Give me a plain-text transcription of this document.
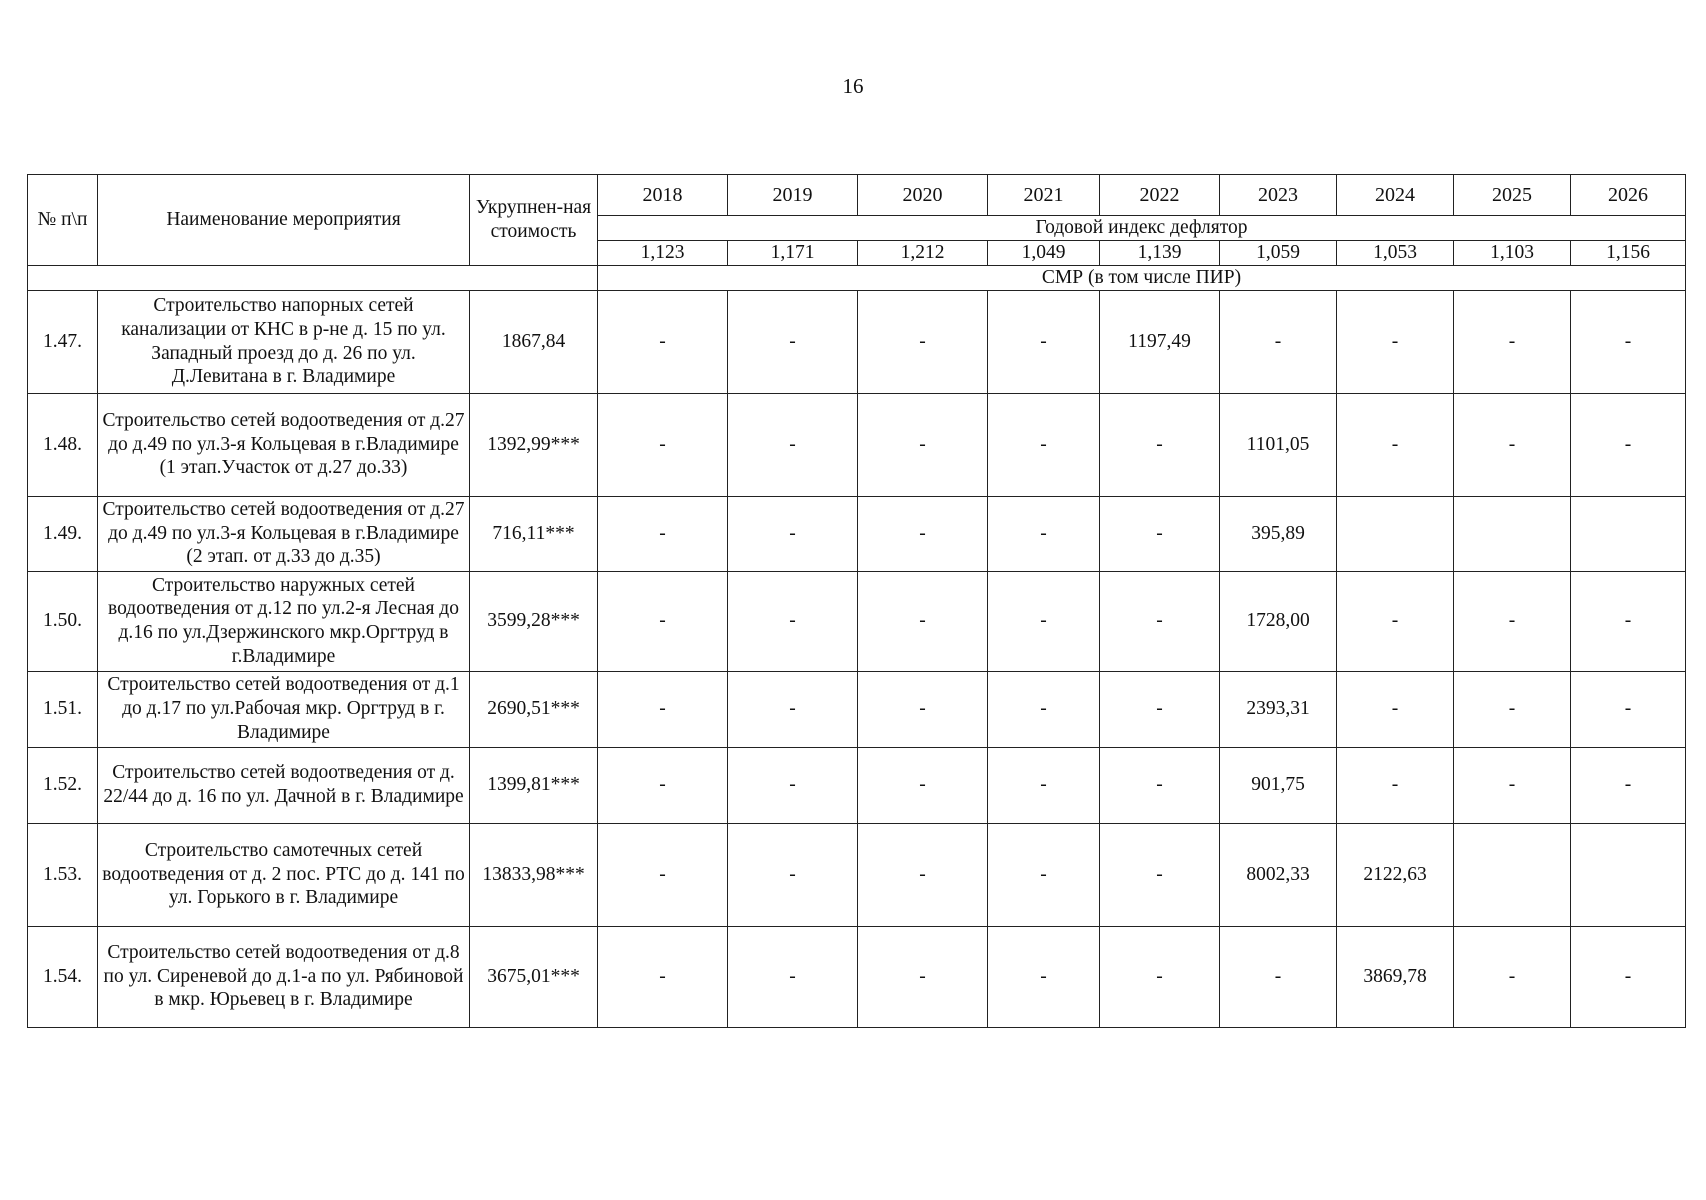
16
№ п\п	Наименование мероприятия	Укрупнен-ная стоимость	2018	2019	2020	2021	2022	2023	2024	2025	2026
			Годовой индекс дефлятор								
			1,123	1,171	1,212	1,049	1,139	1,059	1,053	1,103	1,156
			СМР (в том числе ПИР)								
1.47.	Строительство напорных сетей канализации от КНС в р-не д. 15 по ул. Западный проезд до д. 26 по ул. Д.Левитана в г. Владимире	1867,84	-	-	-	-	1197,49	-	-	-	-
1.48.	Строительство сетей водоотведения от д.27 до д.49 по ул.3-я Кольцевая в г.Владимире (1 этап.Участок от д.27 до.33)	1392,99***	-	-	-	-	-	1101,05	-	-	-
1.49.	Строительство сетей водоотведения от д.27 до д.49 по ул.3-я Кольцевая в г.Владимире (2 этап. от д.33 до д.35)	716,11***	-	-	-	-	-	395,89			
1.50.	Строительство наружных сетей водоотведения от д.12 по ул.2-я Лесная до д.16 по ул.Дзержинского мкр.Оргтруд в г.Владимире	3599,28***	-	-	-	-	-	1728,00	-	-	-
1.51.	Строительство сетей водоотведения от д.1 до д.17 по ул.Рабочая мкр. Оргтруд в г. Владимире	2690,51***	-	-	-	-	-	2393,31	-	-	-
1.52.	Строительство сетей водоотведения от д. 22/44 до д. 16 по ул. Дачной в г. Владимире	1399,81***	-	-	-	-	-	901,75	-	-	-
1.53.	Строительство самотечных сетей водоотведения от д. 2 пос. РТС до д. 141 по ул. Горького в г. Владимире	13833,98***	-	-	-	-	-	8002,33	2122,63		
1.54.	Строительство сетей водоотведения от д.8 по ул. Сиреневой до д.1-а по ул. Рябиновой в мкр. Юрьевец в г. Владимире	3675,01***	-	-	-	-	-	-	3869,78	-	-
